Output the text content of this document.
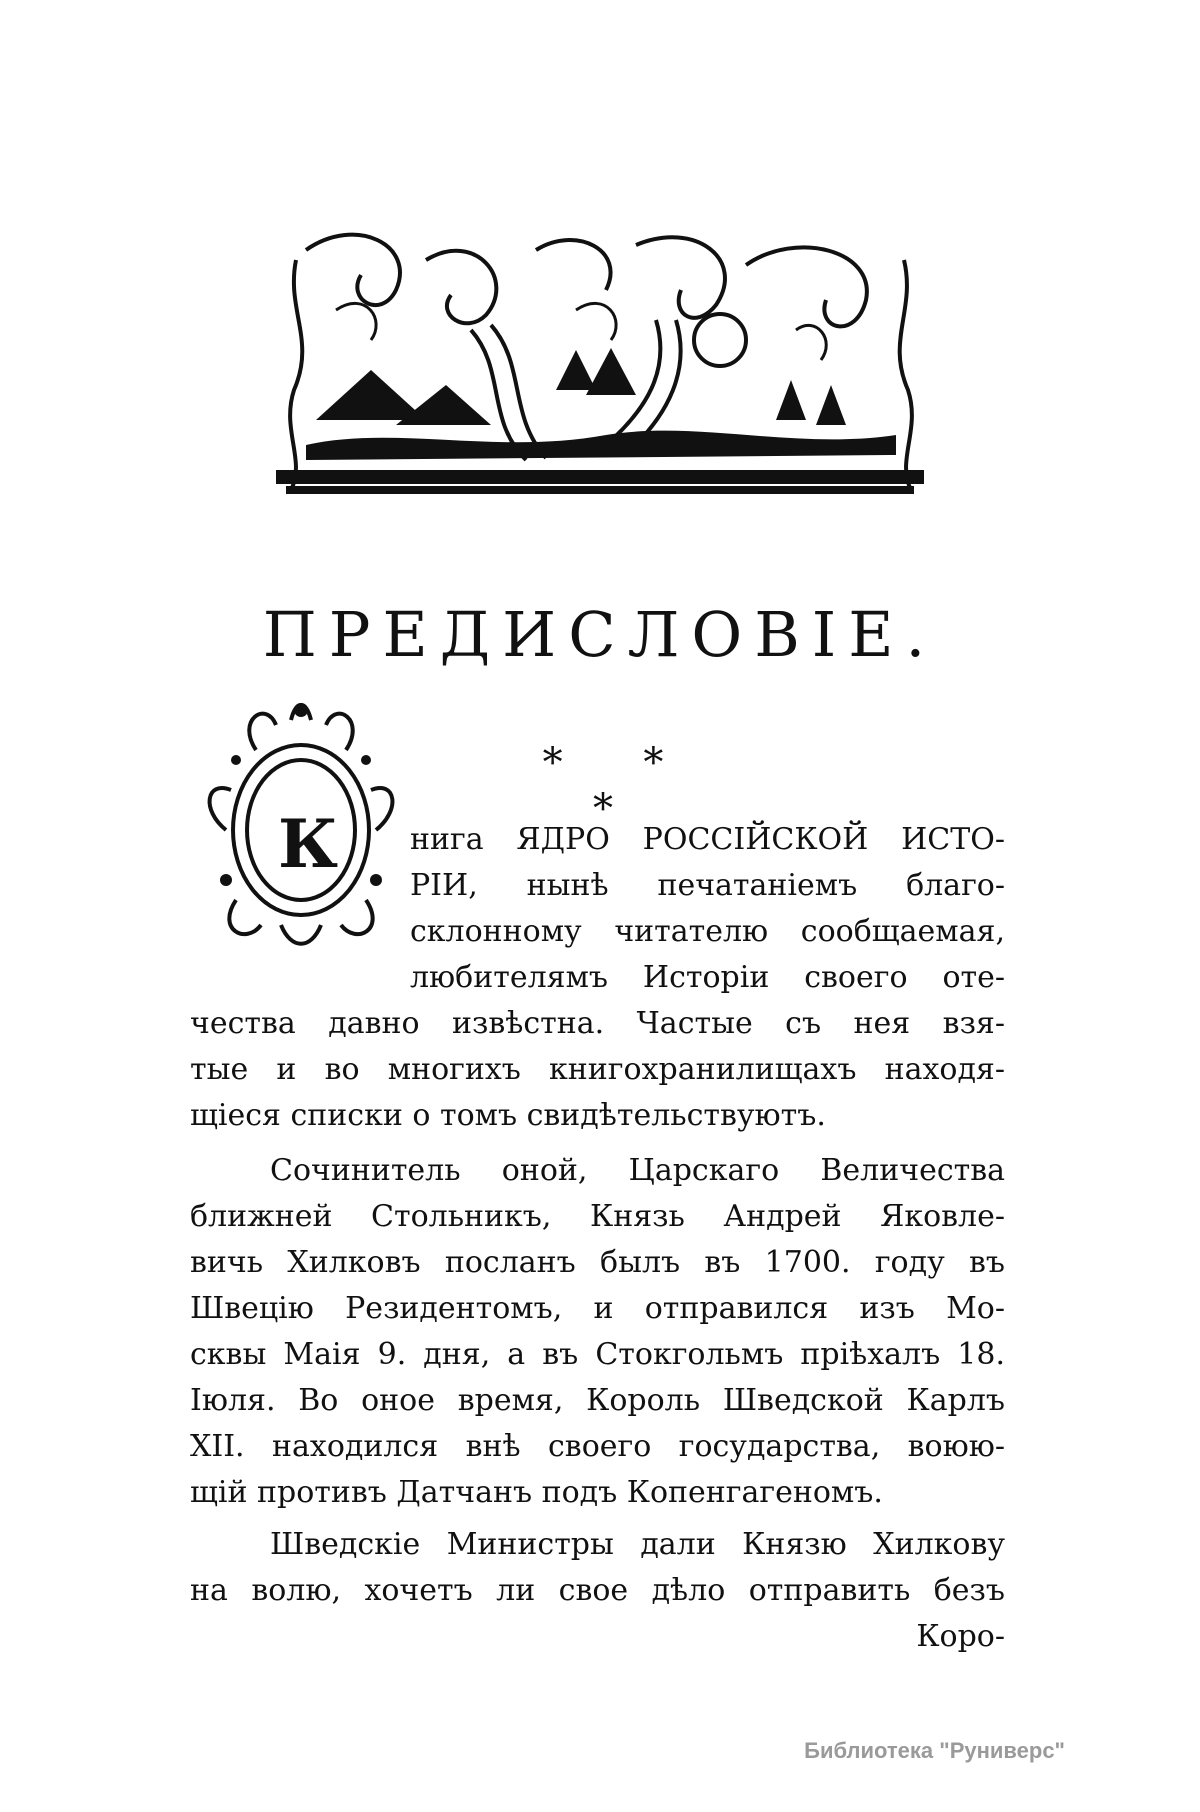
ПРЕДИСЛОВІЕ.
* * *
К	нига ЯДРО РОССІЙСКОЙ ИСТО-
РІИ, нынѣ печатаніемъ благо-
склонному читателю сообщаемая,
любителямъ Исторіи своего оте-
чества давно извѣстна. Частые съ нея взя-
тые и во многихъ книгохранилищахъ находя-
щіеся списки о томъ свидѣтельствуютъ.
Сочинитель оной, Царскаго Величества
ближней Стольникъ, Князь Андрей Яковле-
вичь Хилковъ посланъ былъ въ 1700. году въ
Швецію Резидентомъ, и отправился изъ Мо-
сквы Маія 9. дня, а въ Стокгольмъ пріѣхалъ 18.
Іюля. Во оное время, Король Шведской Карлъ
XII. находился внѣ своего государства, воюю-
щій противъ Датчанъ подъ Копенгагеномъ.
Шведскіе Министры дали Князю Хилкову
на волю, хочетъ ли свое дѣло отправить безъ
Коро-
Библиотека "Руниверс"
